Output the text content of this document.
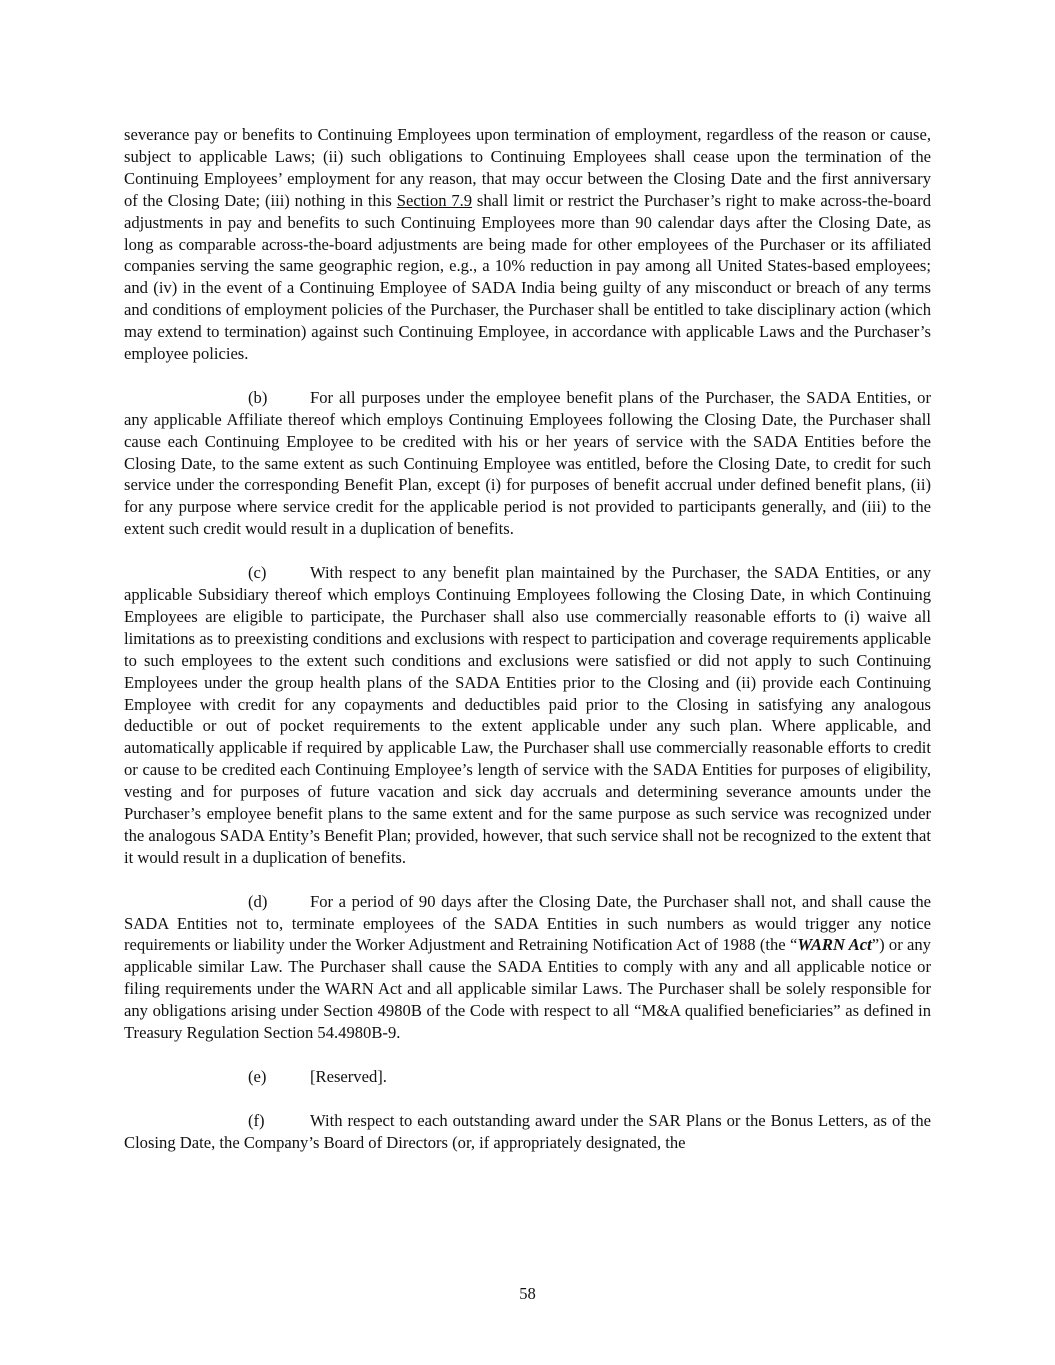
severance pay or benefits to Continuing Employees upon termination of employment, regardless of the reason or cause, subject to applicable Laws; (ii) such obligations to Continuing Employees shall cease upon the termination of the Continuing Employees’ employment for any reason, that may occur between the Closing Date and the first anniversary of the Closing Date; (iii) nothing in this Section 7.9 shall limit or restrict the Purchaser’s right to make across-the-board adjustments in pay and benefits to such Continuing Employees more than 90 calendar days after the Closing Date, as long as comparable across-the-board adjustments are being made for other employees of the Purchaser or its affiliated companies serving the same geographic region, e.g., a 10% reduction in pay among all United States-based employees; and (iv) in the event of a Continuing Employee of SADA India being guilty of any misconduct or breach of any terms and conditions of employment policies of the Purchaser, the Purchaser shall be entitled to take disciplinary action (which may extend to termination) against such Continuing Employee, in accordance with applicable Laws and the Purchaser’s employee policies.

(b)	For all purposes under the employee benefit plans of the Purchaser, the SADA Entities, or any applicable Affiliate thereof which employs Continuing Employees following the Closing Date, the Purchaser shall cause each Continuing Employee to be credited with his or her years of service with the SADA Entities before the Closing Date, to the same extent as such Continuing Employee was entitled, before the Closing Date, to credit for such service under the corresponding Benefit Plan, except (i) for purposes of benefit accrual under defined benefit plans, (ii) for any purpose where service credit for the applicable period is not provided to participants generally, and (iii) to the extent such credit would result in a duplication of benefits.

(c)	With respect to any benefit plan maintained by the Purchaser, the SADA Entities, or any applicable Subsidiary thereof which employs Continuing Employees following the Closing Date, in which Continuing Employees are eligible to participate, the Purchaser shall also use commercially reasonable efforts to (i) waive all limitations as to preexisting conditions and exclusions with respect to participation and coverage requirements applicable to such employees to the extent such conditions and exclusions were satisfied or did not apply to such Continuing Employees under the group health plans of the SADA Entities prior to the Closing and (ii) provide each Continuing Employee with credit for any copayments and deductibles paid prior to the Closing in satisfying any analogous deductible or out of pocket requirements to the extent applicable under any such plan. Where applicable, and automatically applicable if required by applicable Law, the Purchaser shall use commercially reasonable efforts to credit or cause to be credited each Continuing Employee’s length of service with the SADA Entities for purposes of eligibility, vesting and for purposes of future vacation and sick day accruals and determining severance amounts under the Purchaser’s employee benefit plans to the same extent and for the same purpose as such service was recognized under the analogous SADA Entity’s Benefit Plan; provided, however, that such service shall not be recognized to the extent that it would result in a duplication of benefits.

(d)	For a period of 90 days after the Closing Date, the Purchaser shall not, and shall cause the SADA Entities not to, terminate employees of the SADA Entities in such numbers as would trigger any notice requirements or liability under the Worker Adjustment and Retraining Notification Act of 1988 (the “WARN Act”) or any applicable similar Law. The Purchaser shall cause the SADA Entities to comply with any and all applicable notice or filing requirements under the WARN Act and all applicable similar Laws. The Purchaser shall be solely responsible for any obligations arising under Section 4980B of the Code with respect to all “M&A qualified beneficiaries” as defined in Treasury Regulation Section 54.4980B-9.

(e)	[Reserved].

(f)	With respect to each outstanding award under the SAR Plans or the Bonus Letters, as of the Closing Date, the Company’s Board of Directors (or, if appropriately designated, the

58
